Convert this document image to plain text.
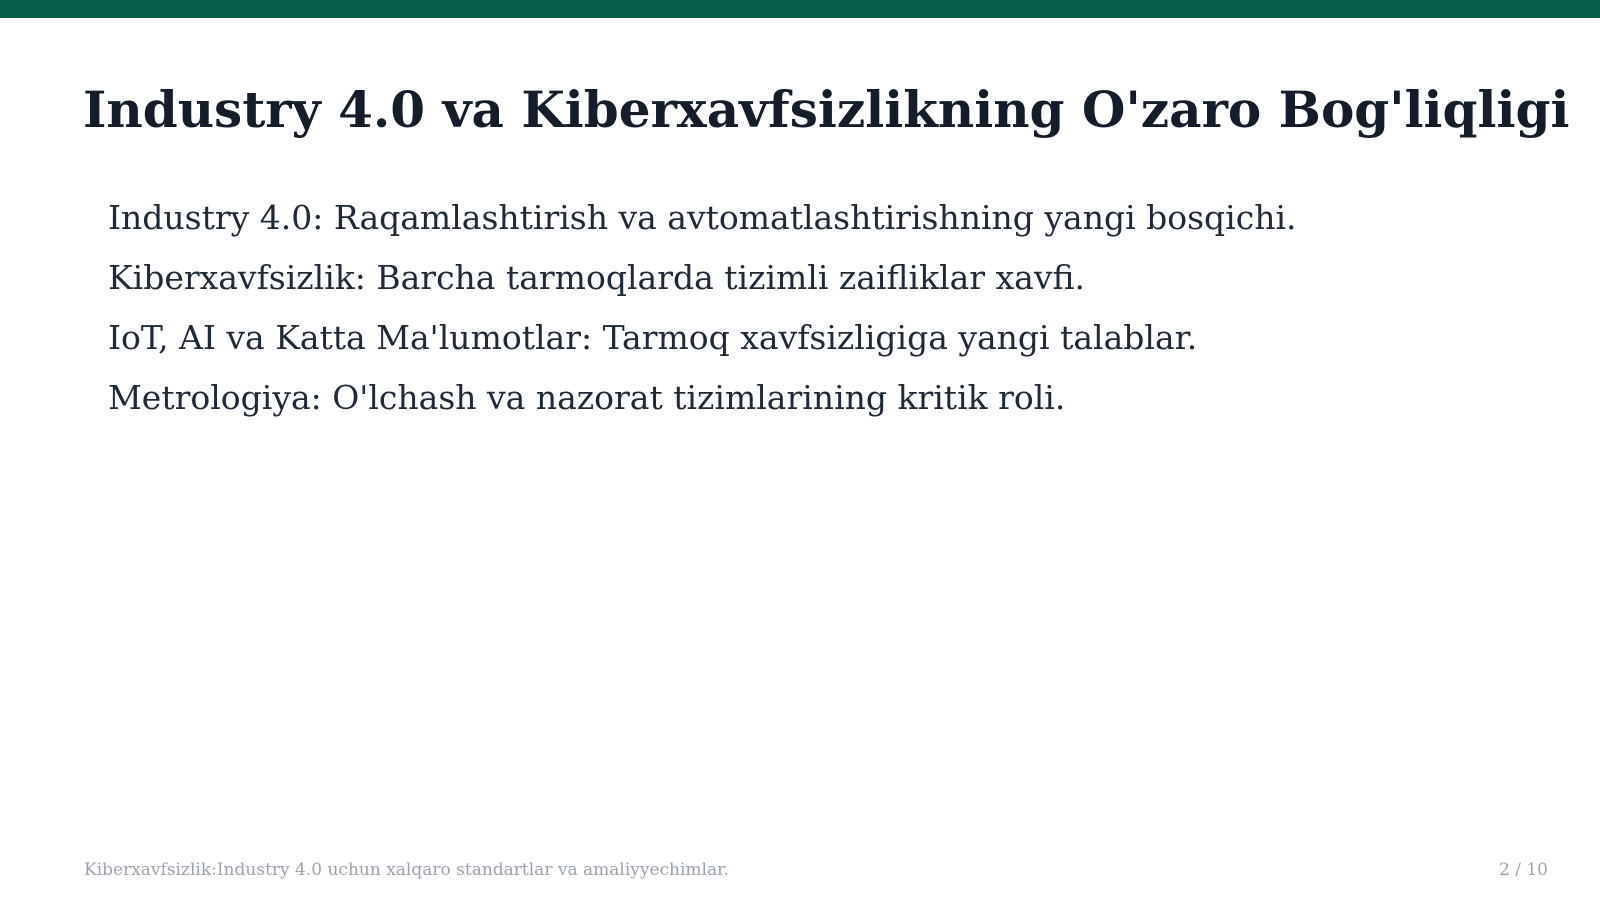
Industry 4.0 va Kiberxavfsizlikning O'zaro Bog'liqligi
Industry 4.0: Raqamlashtirish va avtomatlashtirishning yangi bosqichi.
Kiberxavfsizlik: Barcha tarmoqlarda tizimli zaifliklar xavfi.
IoT, AI va Katta Ma'lumotlar: Tarmoq xavfsizligiga yangi talablar.
Metrologiya: O'lchash va nazorat tizimlarining kritik roli.
Kiberxavfsizlik:Industry 4.0 uchun xalqaro standartlar va amaliyyechimlar.	2 / 10
